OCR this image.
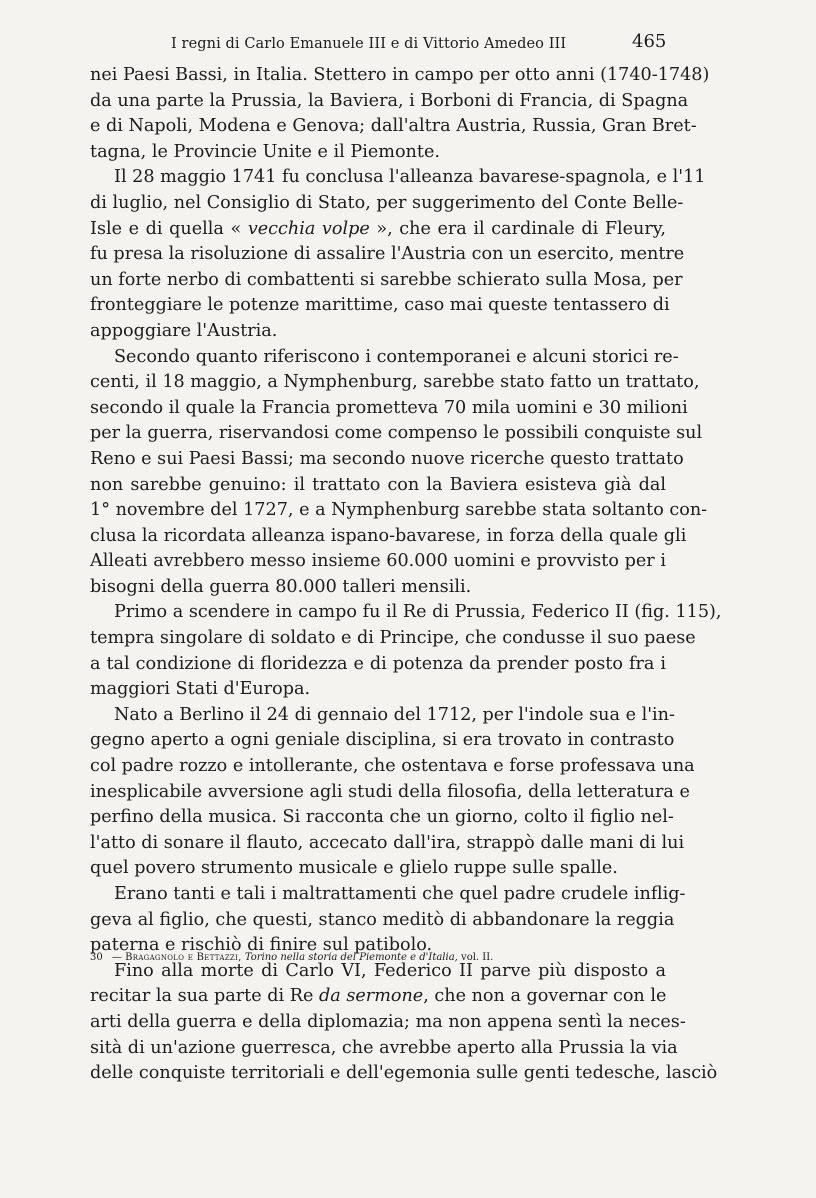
I regni di Carlo Emanuele III e di Vittorio Amedeo III	465
nei Paesi Bassi, in Italia. Stettero in campo per otto anni (1740-1748)
da una parte la Prussia, la Baviera, i Borboni di Francia, di Spagna
e di Napoli, Modena e Genova; dall'altra Austria, Russia, Gran Bret-
tagna, le Provincie Unite e il Piemonte.
Il 28 maggio 1741 fu conclusa l'alleanza bavarese-spagnola, e l'11
di luglio, nel Consiglio di Stato, per suggerimento del Conte Belle-
Isle e di quella « vecchia volpe », che era il cardinale di Fleury,
fu presa la risoluzione di assalire l'Austria con un esercito, mentre
un forte nerbo di combattenti si sarebbe schierato sulla Mosa, per
fronteggiare le potenze marittime, caso mai queste tentassero di
appoggiare l'Austria.
Secondo quanto riferiscono i contemporanei e alcuni storici re-
centi, il 18 maggio, a Nymphenburg, sarebbe stato fatto un trattato,
secondo il quale la Francia prometteva 70 mila uomini e 30 milioni
per la guerra, riservandosi come compenso le possibili conquiste sul
Reno e sui Paesi Bassi; ma secondo nuove ricerche questo trattato
non sarebbe genuino: il trattato con la Baviera esisteva già dal
1° novembre del 1727, e a Nymphenburg sarebbe stata soltanto con-
clusa la ricordata alleanza ispano-bavarese, in forza della quale gli
Alleati avrebbero messo insieme 60.000 uomini e provvisto per i
bisogni della guerra 80.000 talleri mensili.
Primo a scendere in campo fu il Re di Prussia, Federico II (fig. 115),
tempra singolare di soldato e di Principe, che condusse il suo paese
a tal condizione di floridezza e di potenza da prender posto fra i
maggiori Stati d'Europa.
Nato a Berlino il 24 di gennaio del 1712, per l'indole sua e l'in-
gegno aperto a ogni geniale disciplina, si era trovato in contrasto
col padre rozzo e intollerante, che ostentava e forse professava una
inesplicabile avversione agli studi della filosofia, della letteratura e
perfino della musica. Si racconta che un giorno, colto il figlio nel-
l'atto di sonare il flauto, accecato dall'ira, strappò dalle mani di lui
quel povero strumento musicale e glielo ruppe sulle spalle.
Erano tanti e tali i maltrattamenti che quel padre crudele inflig-
geva al figlio, che questi, stanco meditò di abbandonare la reggia
paterna e rischiò di finire sul patibolo.
Fino alla morte di Carlo VI, Federico II parve più disposto a
recitar la sua parte di Re da sermone, che non a governar con le
arti della guerra e della diplomazia; ma non appena sentì la neces-
sità di un'azione guerresca, che avrebbe aperto alla Prussia la via
delle conquiste territoriali e dell'egemonia sulle genti tedesche, lasciò
30 — Bragagnolo e Bettazzi, Torino nella storia del Piemonte e d'Italia, vol. II.
